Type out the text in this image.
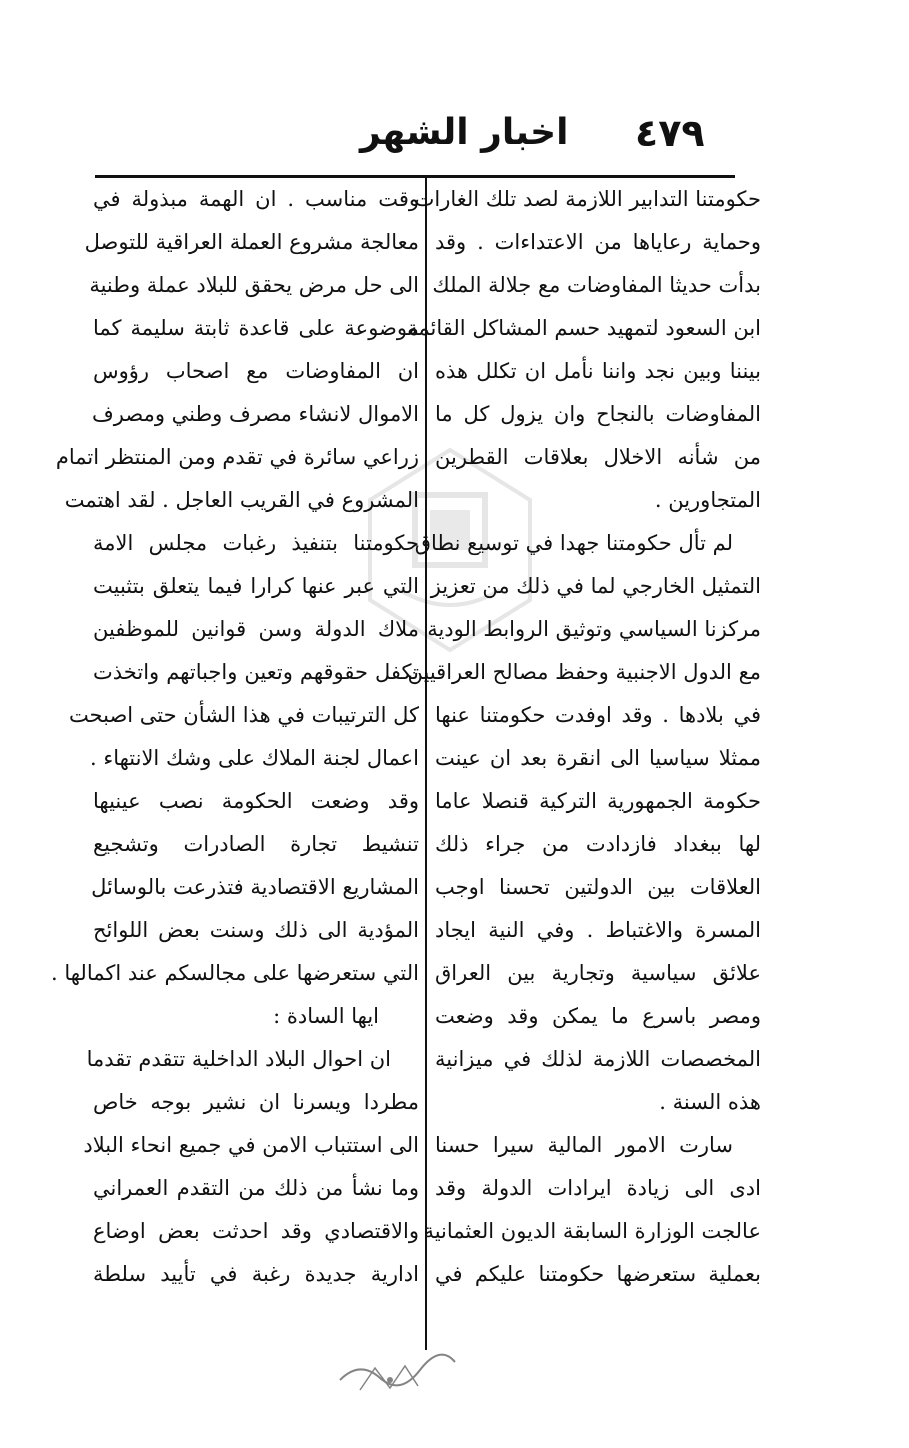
٤٧٩
اخبار الشهر
حكومتنا التدابير اللازمة لصد تلك الغارات
وحماية رعاياها من الاعتداءات . وقد
بدأت حديثا المفاوضات مع جلالة الملك
ابن السعود لتمهيد حسم المشاكل القائمة
بيننا وبين نجد واننا نأمل ان تكلل هذه
المفاوضات بالنجاح وان يزول كل ما
من شأنه الاخلال بعلاقات القطرين
المتجاورين .
لم تأل حكومتنا جهدا في توسيع نطاق
التمثيل الخارجي لما في ذلك من تعزيز
مركزنا السياسي وتوثيق الروابط الودية
مع الدول الاجنبية وحفظ مصالح العراقيين
في بلادها . وقد اوفدت حكومتنا عنها
ممثلا سياسيا الى انقرة بعد ان عينت
حكومة الجمهورية التركية قنصلا عاما
لها ببغداد فازدادت من جراء ذلك
العلاقات بين الدولتين تحسنا اوجب
المسرة والاغتباط . وفي النية ايجاد
علائق سياسية وتجارية بين العراق
ومصر باسرع ما يمكن وقد وضعت
المخصصات اللازمة لذلك في ميزانية
هذه السنة .
سارت الامور المالية سيرا حسنا
ادى الى زيادة ايرادات الدولة وقد
عالجت الوزارة السابقة الديون العثمانية
بعملية ستعرضها حكومتنا عليكم في
وقت مناسب . ان الهمة مبذولة في
معالجة مشروع العملة العراقية للتوصل
الى حل مرض يحقق للبلاد عملة وطنية
موضوعة على قاعدة ثابتة سليمة كما
ان المفاوضات مع اصحاب رؤوس
الاموال لانشاء مصرف وطني ومصرف
زراعي سائرة في تقدم ومن المنتظر اتمام
المشروع في القريب العاجل . لقد اهتمت
حكومتنا بتنفيذ رغبات مجلس الامة
التي عبر عنها كرارا فيما يتعلق بتثبيت
ملاك الدولة وسن قوانين للموظفين
تكفل حقوقهم وتعين واجباتهم واتخذت
كل الترتيبات في هذا الشأن حتى اصبحت
اعمال لجنة الملاك على وشك الانتهاء .
وقد وضعت الحكومة نصب عينيها
تنشيط تجارة الصادرات وتشجيع
المشاريع الاقتصادية فتذرعت بالوسائل
المؤدية الى ذلك وسنت بعض اللوائح
التي ستعرضها على مجالسكم عند اكمالها .
ايها السادة :
ان احوال البلاد الداخلية تتقدم تقدما
مطردا ويسرنا ان نشير بوجه خاص
الى استتباب الامن في جميع انحاء البلاد
وما نشأ من ذلك من التقدم العمراني
والاقتصادي وقد احدثت بعض اوضاع
ادارية جديدة رغبة في تأييد سلطة
